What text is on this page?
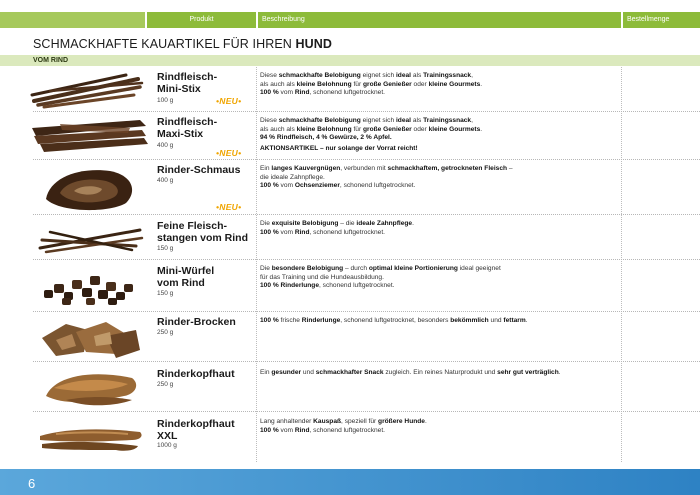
Produkt	Beschreibung	Bestellmenge
SCHMACKHAFTE KAUARTIKEL FÜR IHREN HUND
VOM RIND
Rindfleisch-
Mini-Stix
100 g	•NEU•
Diese schmackhafte Belobigung eignet sich ideal als Trainingssnack,
als auch als kleine Belohnung für große Genießer oder kleine Gourmets.
100 % vom Rind, schonend luftgetrocknet.
Rindfleisch-
Maxi-Stix
400 g
•NEU•
Diese schmackhafte Belobigung eignet sich ideal als Trainingssnack,
als auch als kleine Belohnung für große Genießer oder kleine Gourmets.
94 % Rindfleisch, 4 % Gewürze, 2 % Apfel.
AKTIONSARTIKEL – nur solange der Vorrat reicht!
Rinder-Schmaus
400 g
•NEU•
Ein langes Kauvergnügen, verbunden mit schmackhaftem, getrockneten Fleisch –
die ideale Zahnpflege.
100 % vom Ochsenziemer, schonend luftgetrocknet.
Feine Fleisch-
stangen vom Rind
150 g
Die exquisite Belobigung – die ideale Zahnpflege.
100 % vom Rind, schonend luftgetrocknet.
Mini-Würfel
vom Rind
150 g
Die besondere Belobigung – durch optimal kleine Portionierung ideal geeignet
für das Training und die Hundeausbildung.
100 % Rinderlunge, schonend luftgetrocknet.
Rinder-Brocken
250 g
100 % frische Rinderlunge, schonend luftgetrocknet, besonders bekömmlich und fettarm.
Rinderkopfhaut
250 g
Ein gesunder und schmackhafter Snack zugleich. Ein reines Naturprodukt und sehr gut verträglich.
Rinderkopfhaut
XXL
1000 g
Lang anhaltender Kauspaß, speziell für größere Hunde.
100 % vom Rind, schonend luftgetrocknet.
6
